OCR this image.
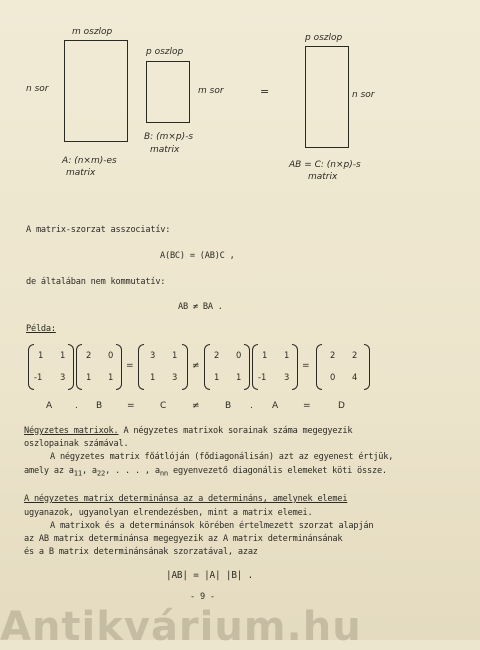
m oszlop
n sor
A: (n×m)-es
matrix
p oszlop
m sor
B: (m×p)-s
matrix
=
p oszlop
n sor
AB = C: (n×p)-s
matrix
A matrix-szorzat asszociatív:
A(BC) = (AB)C ,
de általában nem kommutatív:
AB ≠ BA .
Példa:
1 1
-1 3
2 0
1 1
=
3 1
1 3
≠
2 0
1 1
1 1
-1 3
=
2 2
0 4
A	. B	=	C	≠	B . A	=	D
Négyzetes matrixok. A négyzetes matrixok sorainak száma megegyezik
oszlopainak számával.
A négyzetes matrix főátlóján (fődiagonálisán) azt az egyenest értjük,
amely az $a_{11}$, $a_{22}$, . . . , $a_{nn}$ egyenvezető diagonális elemeket köti össze.
A négyzetes matrix determinánsa az a determináns, amelynek elemei
ugyanazok, ugyanolyan elrendezésben, mint a matrix elemei.
A matrixok és a determinánsok körében értelmezett szorzat alapján
az AB matrix determinánsa megegyezik az A matrix determinánsának
és a B matrix determinánsának szorzatával, azaz
|AB| = |A| |B| .
- 9 -
Antikvárium.hu
